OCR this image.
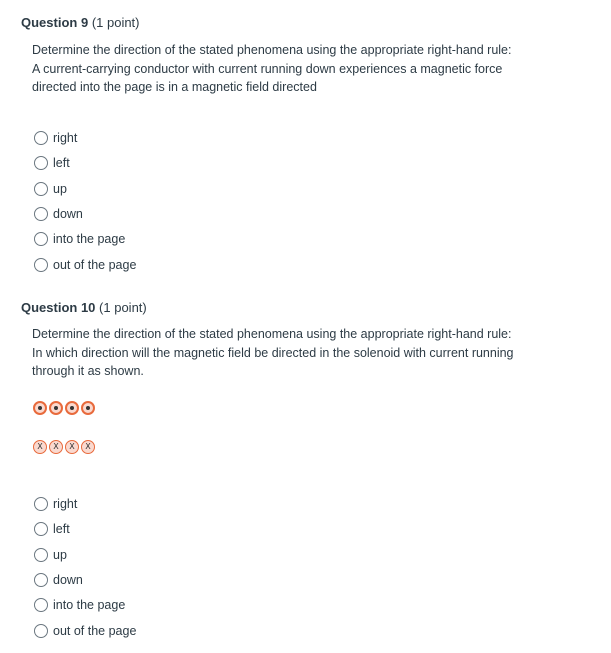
Question 9 (1 point)

Determine the direction of the stated phenomena using the appropriate right-hand rule:

A current-carrying conductor with current running down experiences a magnetic force directed into the page is in a magnetic field directed

right
left
up
down
into the page
out of the page
Question 10 (1 point)

Determine the direction of the stated phenomena using the appropriate right-hand rule:

In which direction will the magnetic field be directed in the solenoid with current running through it as shown.

X X X X
right
left
up
down
into the page
out of the page
